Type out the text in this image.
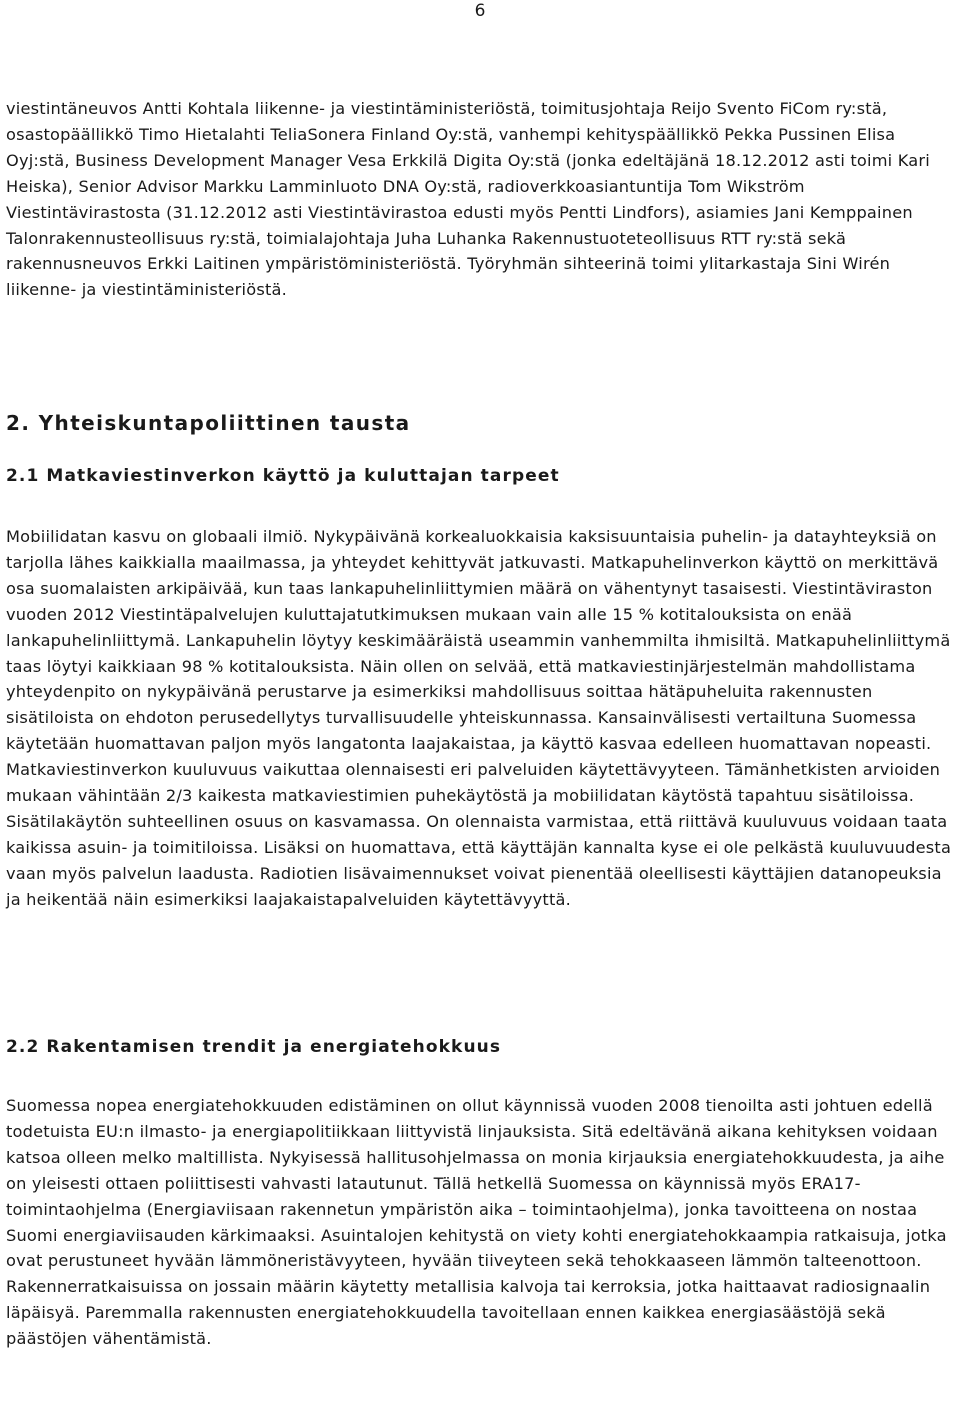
6

viestintäneuvos Antti Kohtala liikenne- ja viestintäministeriöstä, toimitusjohtaja Reijo Svento FiCom ry:stä, osastopäällikkö Timo Hietalahti TeliaSonera Finland Oy:stä, vanhempi kehityspäällikkö Pekka Pussinen Elisa Oyj:stä, Business Development Manager Vesa Erkkilä Digita Oy:stä (jonka edeltäjänä 18.12.2012 asti toimi Kari Heiska), Senior Advisor Markku Lamminluoto DNA Oy:stä, radioverkkoasiantuntija Tom Wikström Viestintävirastosta (31.12.2012 asti Viestintävirastoa edusti myös Pentti Lindfors), asiamies Jani Kemppainen Talonrakennusteollisuus ry:stä, toimialajohtaja Juha Luhanka Rakennustuoteteollisuus RTT ry:stä sekä rakennusneuvos Erkki Laitinen ympäristöministeriöstä. Työryhmän sihteerinä toimi ylitarkastaja Sini Wirén liikenne- ja viestintäministeriöstä.

2. Yhteiskuntapoliittinen tausta
2.1 Matkaviestinverkon käyttö ja kuluttajan tarpeet

Mobiilidatan kasvu on globaali ilmiö. Nykypäivänä korkealuokkaisia kaksisuuntaisia puhelin- ja datayhteyksiä on tarjolla lähes kaikkialla maailmassa, ja yhteydet kehittyvät jatkuvasti. Matkapuhelinverkon käyttö on merkittävä osa suomalaisten arkipäivää, kun taas lankapuhelinliittymien määrä on vähentynyt tasaisesti. Viestintäviraston vuoden 2012 Viestintäpalvelujen kuluttajatutkimuksen mukaan vain alle 15 % kotitalouksista on enää lankapuhelinliittymä. Lankapuhelin löytyy keskimääräistä useammin vanhemmilta ihmisiltä. Matkapuhelinliittymä taas löytyi kaikkiaan 98 % kotitalouksista. Näin ollen on selvää, että matkaviestinjärjestelmän mahdollistama yhteydenpito on nykypäivänä perustarve ja esimerkiksi mahdollisuus soittaa hätäpuheluita rakennusten sisätiloista on ehdoton perusedellytys turvallisuudelle yhteiskunnassa. Kansainvälisesti vertailtuna Suomessa käytetään huomattavan paljon myös langatonta laajakaistaa, ja käyttö kasvaa edelleen huomattavan nopeasti. Matkaviestinverkon kuuluvuus vaikuttaa olennaisesti eri palveluiden käytettävyyteen. Tämänhetkisten arvioiden mukaan vähintään 2/3 kaikesta matkaviestimien puhekäytöstä ja mobiilidatan käytöstä tapahtuu sisätiloissa. Sisätilakäytön suhteellinen osuus on kasvamassa. On olennaista varmistaa, että riittävä kuuluvuus voidaan taata kaikissa asuin- ja toimitiloissa. Lisäksi on huomattava, että käyttäjän kannalta kyse ei ole pelkästä kuuluvuudesta vaan myös palvelun laadusta. Radiotien lisävaimennukset voivat pienentää oleellisesti käyttäjien datanopeuksia ja heikentää näin esimerkiksi laajakaistapalveluiden käytettävyyttä.

2.2 Rakentamisen trendit ja energiatehokkuus

Suomessa nopea energiatehokkuuden edistäminen on ollut käynnissä vuoden 2008 tienoilta asti johtuen edellä todetuista EU:n ilmasto- ja energiapolitiikkaan liittyvistä linjauksista. Sitä edeltävänä aikana kehityksen voidaan katsoa olleen melko maltillista. Nykyisessä hallitusohjelmassa on monia kirjauksia energiatehokkuudesta, ja aihe on yleisesti ottaen poliittisesti vahvasti latautunut. Tällä hetkellä Suomessa on käynnissä myös ERA17-toimintaohjelma (Energiaviisaan rakennetun ympäristön aika – toimintaohjelma), jonka tavoitteena on nostaa Suomi energiaviisauden kärkimaaksi. Asuintalojen kehitystä on viety kohti energiatehokkaampia ratkaisuja, jotka ovat perustuneet hyvään lämmöneristävyyteen, hyvään tiiveyteen sekä tehokkaaseen lämmön talteenottoon. Rakennerratkaisuissa on jossain määrin käytetty metallisia kalvoja tai kerroksia, jotka haittaavat radiosignaalin läpäisyä. Paremmalla rakennusten energiatehokkuudella tavoitellaan ennen kaikkea energiasäästöjä sekä päästöjen vähentämistä.
